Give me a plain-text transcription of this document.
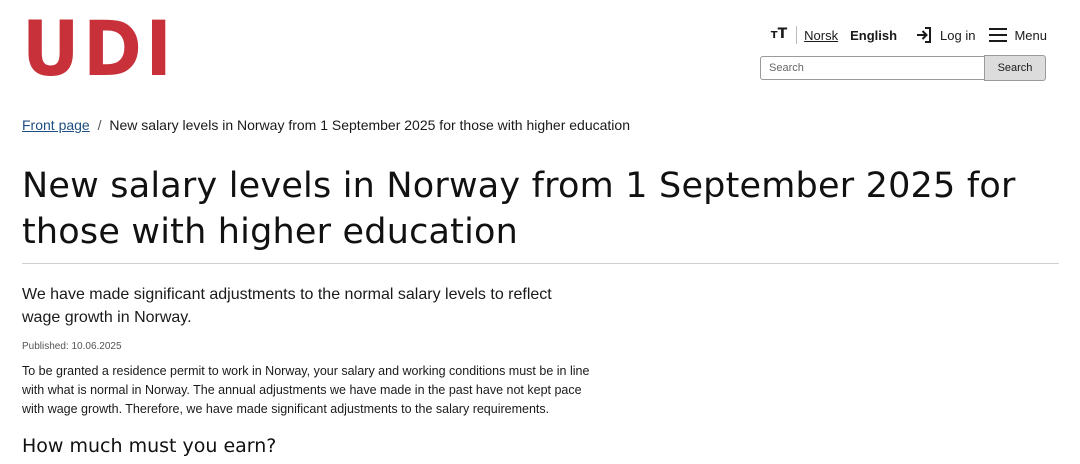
UDI	TT	Norsk English	Log in	Menu
Search
Search
Front page / New salary levels in Norway from 1 September 2025 for those with higher education
New salary levels in Norway from 1 September 2025 for those with higher education

We have made significant adjustments to the normal salary levels to reflect wage growth in Norway.

Published: 10.06.2025

To be granted a residence permit to work in Norway, your salary and working conditions must be in line with what is normal in Norway. The annual adjustments we have made in the past have not kept pace with wage growth. Therefore, we have made significant adjustments to the salary requirements.

How much must you earn?
